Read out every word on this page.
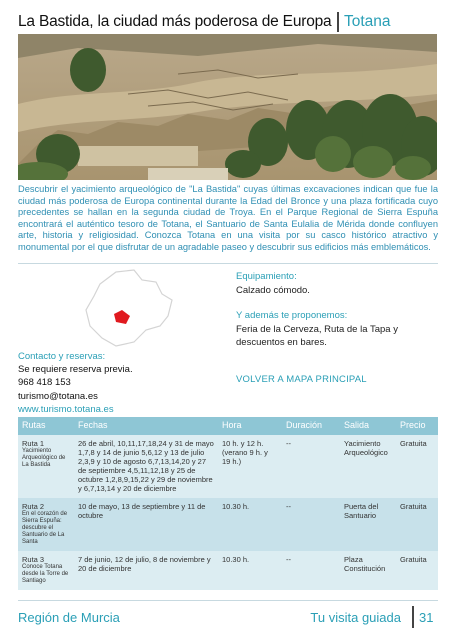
La Bastida, la ciudad más poderosa de Europa Totana
Descubrir el yacimiento arqueológico de "La Bastida" cuyas últimas excavaciones indican que fue la ciudad más poderosa de Europa continental durante la Edad del Bronce y una plaza fortificada cuyo precedentes se hallan en la segunda ciudad de Troya. En el Parque Regional de Sierra Espuña encontrará el auténtico tesoro de Totana, el Santuario de Santa Eulalia de Mérida donde confluyen arte, historia y religiosidad. Conozca Totana en una visita por su casco histórico atractivo y monumental por el que disfrutar de un agradable paseo y descubrir sus edificios más emblemáticos.
Equipamiento:
Calzado cómodo.
Y además te proponemos:
Feria de la Cerveza, Ruta de la Tapa y descuentos en bares.
VOLVER A MAPA PRINCIPAL
Contacto y reservas:
Se requiere reserva previa.
968 418 153
turismo@totana.es
www.turismo.totana.es
Rutas	Fechas	Hora	Duración	Salida	Precio

Ruta 1
Yacimiento Arqueológico de La Bastida	26 de abril, 10,11,17,18,24 y 31 de mayo 1,7,8 y 14 de junio 5,6,12 y 13 de julio 2,3,9 y 10 de agosto 6,7,13,14,20 y 27 de septiembre 4,5,11,12,18 y 25 de octubre 1,2,8,9,15,22 y 29 de noviembre y 6,7,13,14 y 20 de diciembre	10 h. y 12 h. (verano 9 h. y 19 h.)	--	Yacimiento Arqueológico	Gratuita

Ruta 2
En el corazón de Sierra Espuña: descubre el Santuario de La Santa	10 de mayo, 13 de septiembre y 11 de octubre	10.30 h.	--	Puerta del Santuario	Gratuita

Ruta 3
Conoce Totana desde la Torre de Santiago	7 de junio, 12 de julio, 8 de noviembre y 20 de diciembre	10.30 h.	--	Plaza Constitución	Gratuita
Región de Murcia	Tu visita guiada 31
